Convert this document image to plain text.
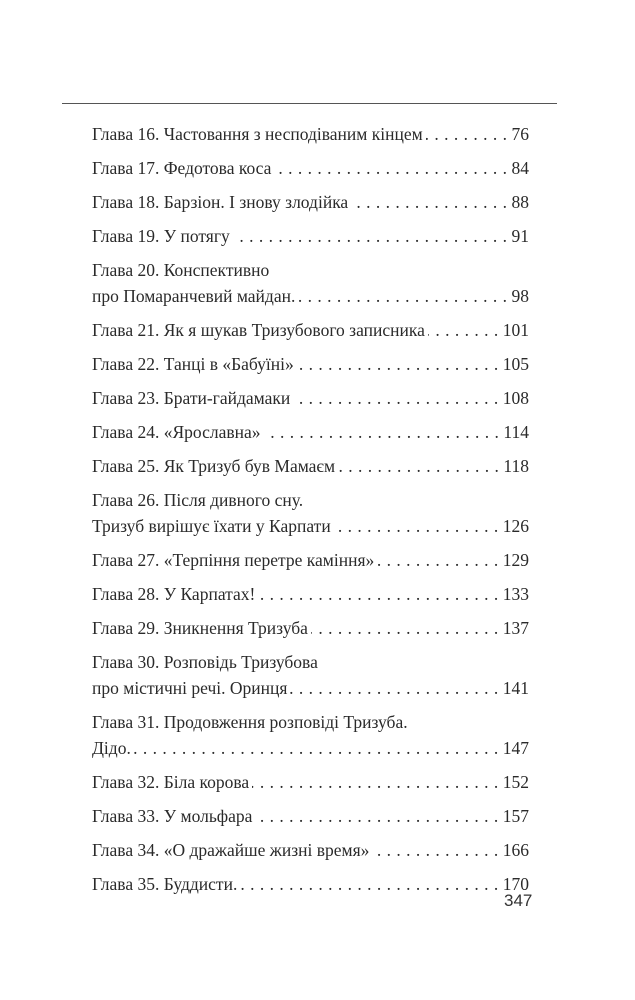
Глава 16. Частовання з несподіваним кінцем . . .	76
Глава 17. Федотова коса . . .	84
Глава 18. Барзіон. І знову злодійка . . .	88
Глава 19. У потягу . . .	91
Глава 20. Конспективно
про Помаранчевий майдан. . . .	98
Глава 21. Як я шукав Тризубового записника . . .	101
Глава 22. Танці в «Бабуїні» . . .	105
Глава 23. Брати-гайдамаки . . .	108
Глава 24. «Ярославна» . . .	114
Глава 25. Як Тризуб був Мамаєм . . .	118
Глава 26. Після дивного сну.
Тризуб вирішує їхати у Карпати . . .	126
Глава 27. «Терпіння перетре каміння» . . .	129
Глава 28. У Карпатах! . . .	133
Глава 29. Зникнення Тризуба . . .	137
Глава 30. Розповідь Тризубова
про містичні речі. Оринця . . .	141
Глава 31. Продовження розповіді Тризуба.
Дідо. . . .	147
Глава 32. Біла корова . . .	152
Глава 33. У мольфара . . .	157
Глава 34. «О дражайше жизні время» . . .	166
Глава 35. Буддисти. . . .	170
347
